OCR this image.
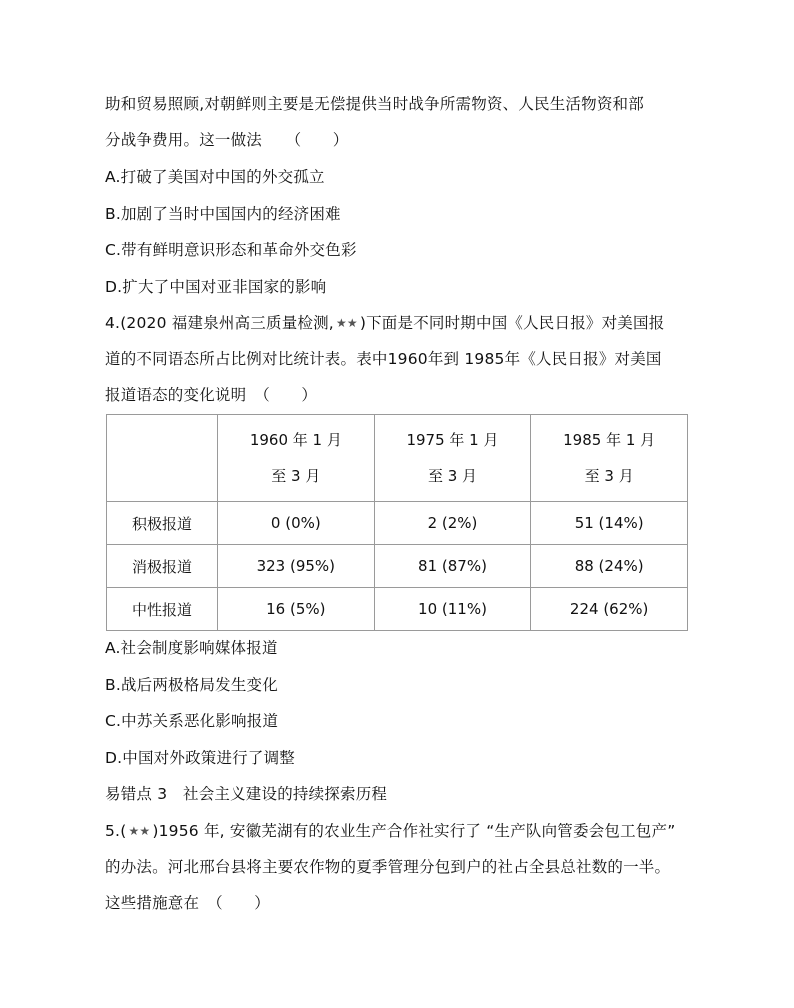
助和贸易照顾,对朝鲜则主要是无偿提供当时战争所需物资、人民生活物资和部
分战争费用。这一做法　　（　　）
A.打破了美国对中国的外交孤立
B.加剧了当时中国国内的经济困难
C.带有鲜明意识形态和革命外交色彩
D.扩大了中国对亚非国家的影响
4.(2020 福建泉州高三质量检测, ★★ )下面是不同时期中国《人民日报》对美国报
道的不同语态所占比例对比统计表。表中1960年到 1985年《人民日报》对美国
报道语态的变化说明　（　　）

	1960 年 1 月
至 3 月	1975 年 1 月
至 3 月	1985 年 1 月
至 3 月

积极报道	0 (0%)	2 (2%)	51 (14%)
消极报道	323 (95%)	81 (87%)	88 (24%)
中性报道	16 (5%)	10 (11%)	224 (62%)
A.社会制度影响媒体报道
B.战后两极格局发生变化
C.中苏关系恶化影响报道
D.中国对外政策进行了调整
易错点 3　社会主义建设的持续探索历程
5.( ★★ )1956 年, 安徽芜湖有的农业生产合作社实行了 “生产队向管委会包工包产”
的办法。河北邢台县将主要农作物的夏季管理分包到户的社占全县总社数的一半。
这些措施意在　（　　）
